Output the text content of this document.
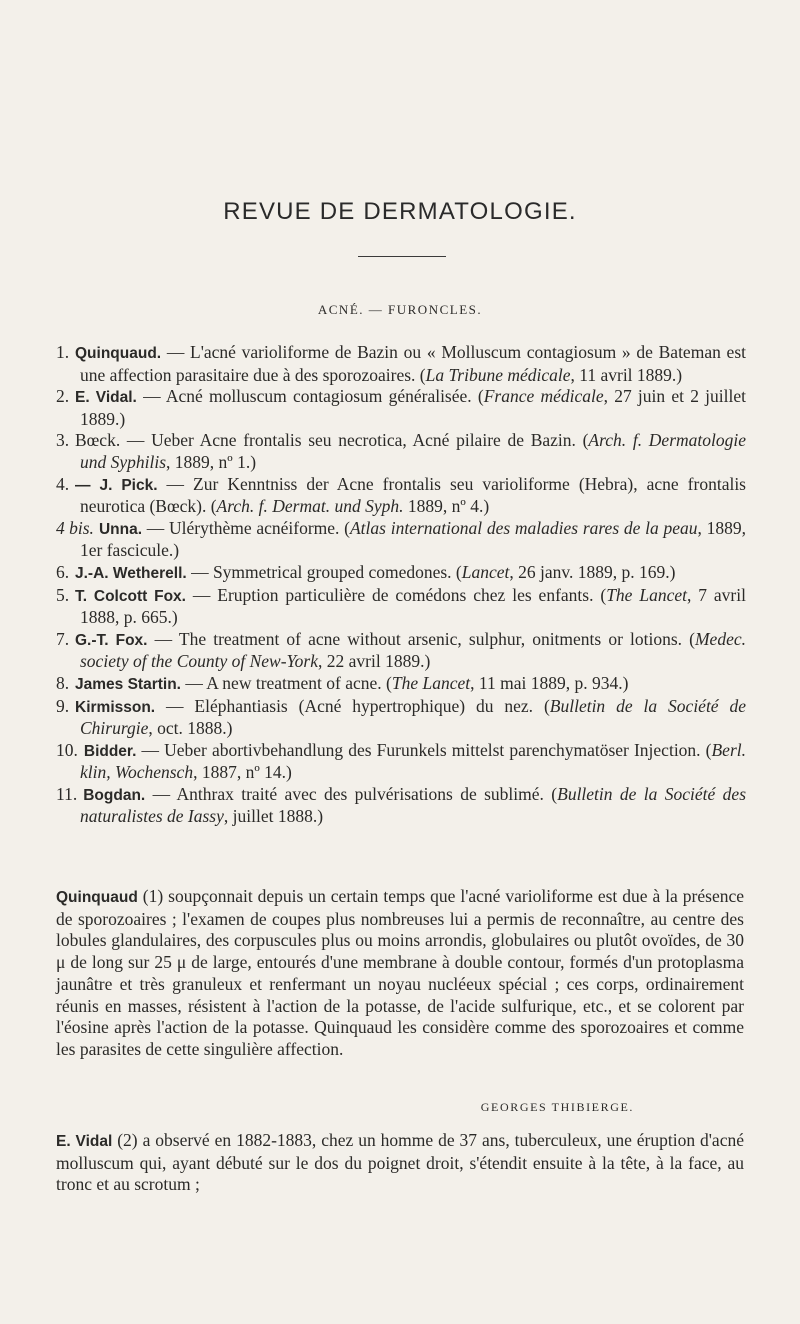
REVUE DE DERMATOLOGIE.
ACNÉ. — FURONCLES.
1. Quinquaud. — L'acné varioliforme de Bazin ou « Molluscum contagiosum » de Bateman est une affection parasitaire due à des sporozoaires. (La Tribune médicale, 11 avril 1889.)
2. E. Vidal. — Acné molluscum contagiosum généralisée. (France médicale, 27 juin et 2 juillet 1889.)
3. Bœck. — Ueber Acne frontalis seu necrotica, Acné pilaire de Bazin. (Arch. f. Dermatologie und Syphilis, 1889, nº 1.)
4. — J. Pick. — Zur Kenntniss der Acne frontalis seu varioliforme (Hebra), acne frontalis neurotica (Bœck). (Arch. f. Dermat. und Syph. 1889, nº 4.)
4 bis. Unna. — Ulérythème acnéiforme. (Atlas international des maladies rares de la peau, 1889, 1er fascicule.)
6. J.-A. Wetherell. — Symmetrical grouped comedones. (Lancet, 26 janv. 1889, p. 169.)
5. T. Colcott Fox. — Eruption particulière de comédons chez les enfants. (The Lancet, 7 avril 1888, p. 665.)
7. G.-T. Fox. — The treatment of acne without arsenic, sulphur, onitments or lotions. (Medec. society of the County of New-York, 22 avril 1889.)
8. James Startin. — A new treatment of acne. (The Lancet, 11 mai 1889, p. 934.)
9. Kirmisson. — Eléphantiasis (Acné hypertrophique) du nez. (Bulletin de la Société de Chirurgie, oct. 1888.)
10. Bidder. — Ueber abortivbehandlung des Furunkels mittelst parenchymatöser Injection. (Berl. klin, Wochensch, 1887, nº 14.)
11. Bogdan. — Anthrax traité avec des pulvérisations de sublimé. (Bulletin de la Société des naturalistes de Iassy, juillet 1888.)
Quinquaud (1) soupçonnait depuis un certain temps que l'acné varioliforme est due à la présence de sporozoaires ; l'examen de coupes plus nombreuses lui a permis de reconnaître, au centre des lobules glandulaires, des corpuscules plus ou moins arrondis, globulaires ou plutôt ovoïdes, de 30 μ de long sur 25 μ de large, entourés d'une membrane à double contour, formés d'un protoplasma jaunâtre et très granuleux et renfermant un noyau nucléeux spécial ; ces corps, ordinairement réunis en masses, résistent à l'action de la potasse, de l'acide sulfurique, etc., et se colorent par l'éosine après l'action de la potasse. Quinquaud les considère comme des sporozoaires et comme les parasites de cette singulière affection.
GEORGES THIBIERGE.
E. Vidal (2) a observé en 1882-1883, chez un homme de 37 ans, tuberculeux, une éruption d'acné molluscum qui, ayant débuté sur le dos du poignet droit, s'étendit ensuite à la tête, à la face, au tronc et au scrotum ;
